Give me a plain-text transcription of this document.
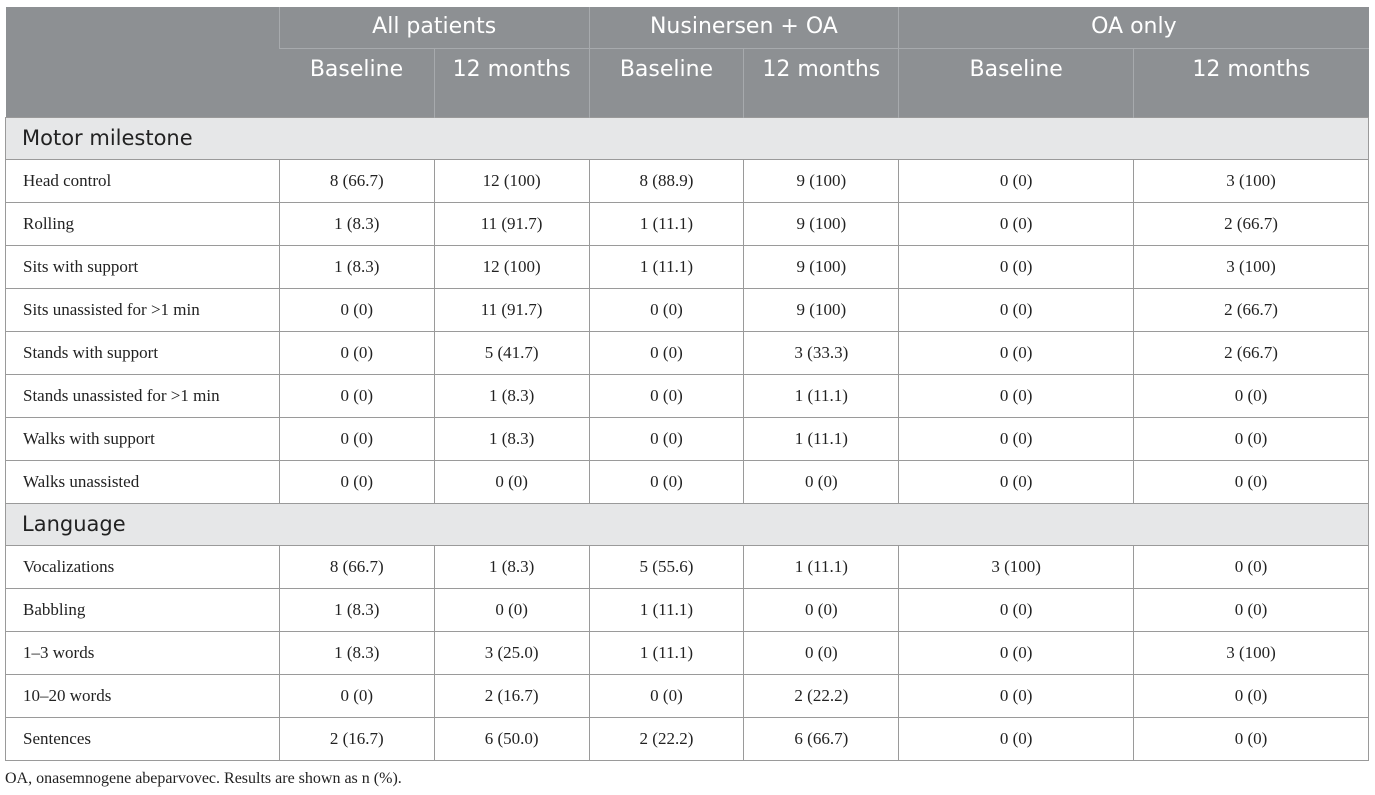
	All patients		Nusinersen + OA		OA only	
	Baseline	12 months	Baseline	12 months	Baseline	12 months
Motor milestone						
Head control	8 (66.7)	12 (100)	8 (88.9)	9 (100)	0 (0)	3 (100)
Rolling	1 (8.3)	11 (91.7)	1 (11.1)	9 (100)	0 (0)	2 (66.7)
Sits with support	1 (8.3)	12 (100)	1 (11.1)	9 (100)	0 (0)	3 (100)
Sits unassisted for >1 min	0 (0)	11 (91.7)	0 (0)	9 (100)	0 (0)	2 (66.7)
Stands with support	0 (0)	5 (41.7)	0 (0)	3 (33.3)	0 (0)	2 (66.7)
Stands unassisted for >1 min	0 (0)	1 (8.3)	0 (0)	1 (11.1)	0 (0)	0 (0)
Walks with support	0 (0)	1 (8.3)	0 (0)	1 (11.1)	0 (0)	0 (0)
Walks unassisted	0 (0)	0 (0)	0 (0)	0 (0)	0 (0)	0 (0)
Language						
Vocalizations	8 (66.7)	1 (8.3)	5 (55.6)	1 (11.1)	3 (100)	0 (0)
Babbling	1 (8.3)	0 (0)	1 (11.1)	0 (0)	0 (0)	0 (0)
1–3 words	1 (8.3)	3 (25.0)	1 (11.1)	0 (0)	0 (0)	3 (100)
10–20 words	0 (0)	2 (16.7)	0 (0)	2 (22.2)	0 (0)	0 (0)
Sentences	2 (16.7)	6 (50.0)	2 (22.2)	6 (66.7)	0 (0)	0 (0)
OA, onasemnogene abeparvovec. Results are shown as n (%).
